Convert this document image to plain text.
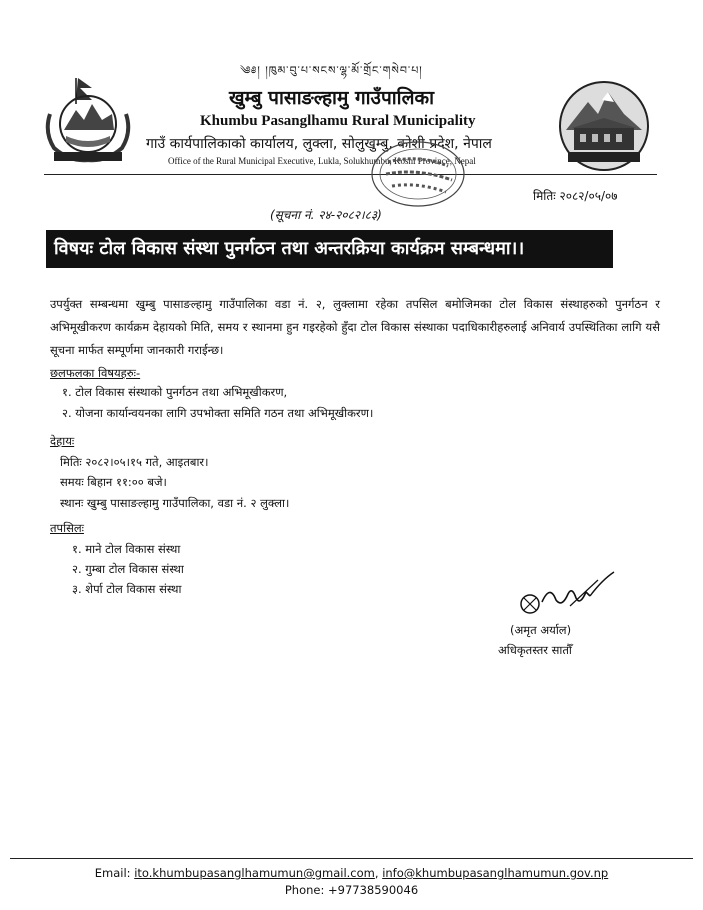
༄༅། །ཁུམ་བུ་པ་སངས་ལྷ་མོ་གྲོང་གསེབ་པ།
खुम्बु पासाङल्हामु गाउँपालिका
Khumbu Pasanglhamu Rural Municipality
गाउँ कार्यपालिकाको कार्यालय, लुक्ला, सोलुखुम्बु, कोशी प्रदेश, नेपाल
Office of the Rural Municipal Executive, Lukla, Solukhumbu, Koshi Province, Nepal
मितिः २०८२/०५/०७
(सूचना नं. २४-२०८२।८३)
विषयः टोल विकास संस्था पुनर्गठन तथा अन्तरक्रिया कार्यक्रम सम्बन्धमा।।
उपर्युक्त सम्बन्धमा खुम्बु पासाङल्हामु गाउँपालिका वडा नं. २, लुक्लामा रहेका तपसिल बमोजिमका टोल विकास संस्थाहरुको पुनर्गठन र अभिमूखीकरण कार्यक्रम देहायको मिति, समय र स्थानमा हुन गइरहेको हुँदा टोल विकास संस्थाका पदाधिकारीहरुलाई अनिवार्य उपस्थितिका लागि यसै सूचना मार्फत सम्पूर्णमा जानकारी गराईन्छ।
छलफलका विषयहरुः-
१. टोल विकास संस्थाको पुनर्गठन तथा अभिमूखीकरण,
२. योजना कार्यान्वयनका लागि उपभोक्ता समिति गठन तथा अभिमूखीकरण।
देहायः
मितिः २०८२।०५।१५ गते, आइतबार।
समयः बिहान ११:०० बजे।
स्थानः खुम्बु पासाङल्हामु गाउँपालिका, वडा नं. २ लुक्ला।
तपसिलः
१. माने टोल विकास संस्था
२. गुम्बा टोल विकास संस्था
३. शेर्पा टोल विकास संस्था
(अमृत अर्याल)
अधिकृतस्तर सातौँ
Email: ito.khumbupasanglhamumun@gmail.com, info@khumbupasanglhamumun.gov.np
Phone: +97738590046
